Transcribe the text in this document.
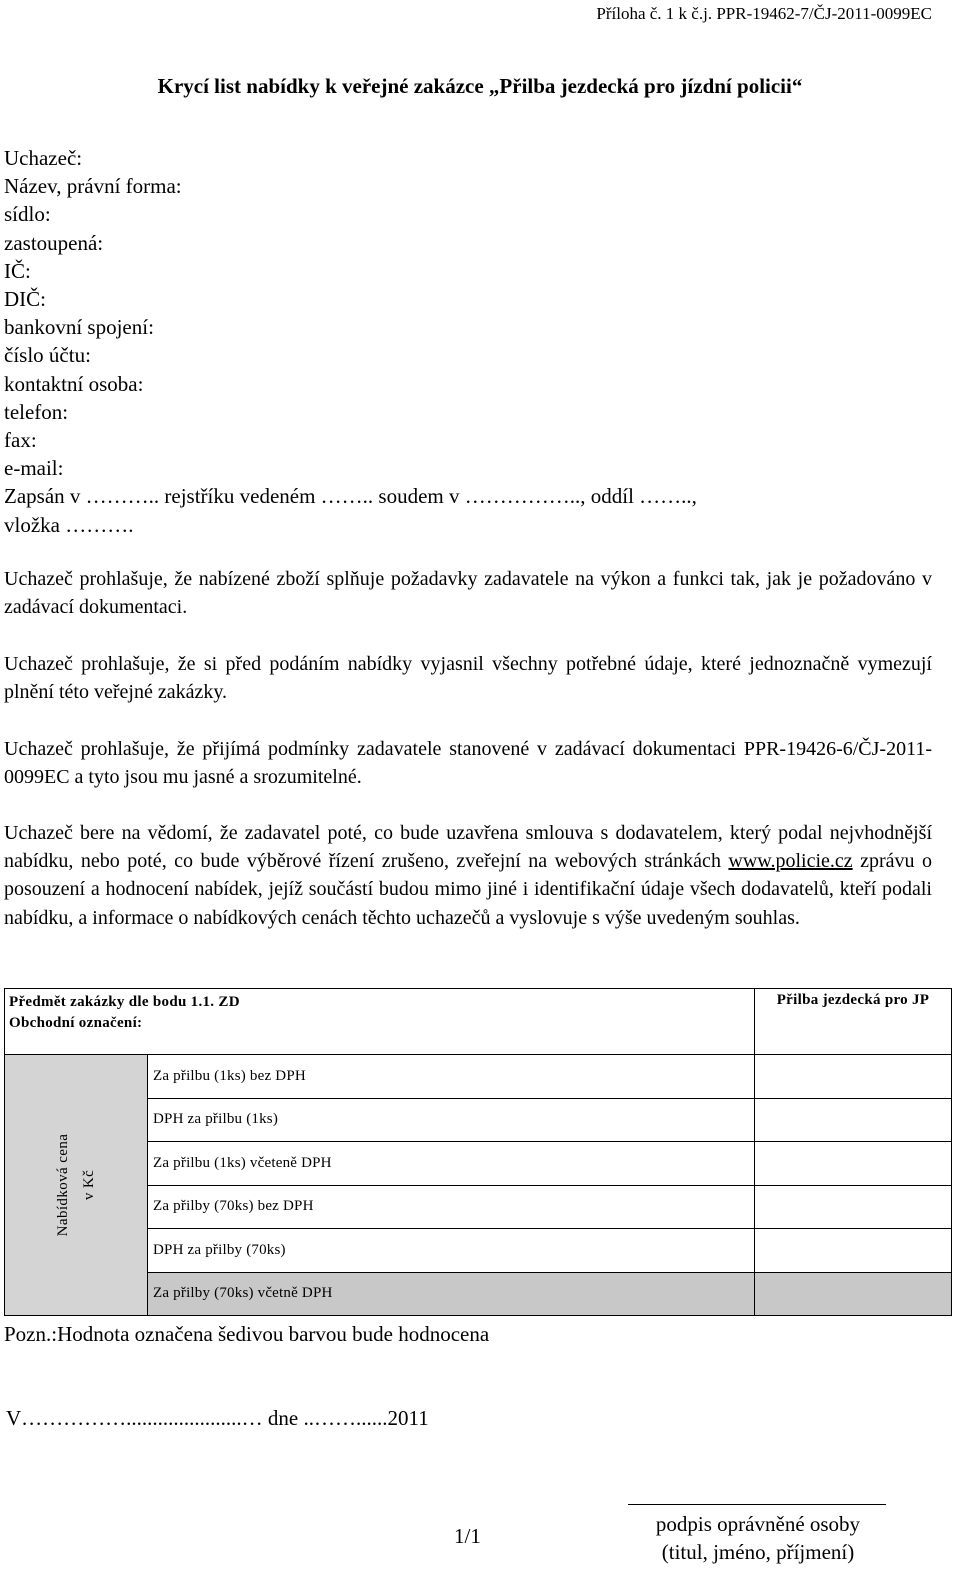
Příloha č. 1 k č.j. PPR-19462-7/ČJ-2011-0099EC
Krycí list nabídky k veřejné zakázce „Přilba jezdecká pro jízdní policii“
Uchazeč:
Název, právní forma:
sídlo:
zastoupená:
IČ:
DIČ:
bankovní spojení:
číslo účtu:
kontaktní osoba:
telefon:
fax:
e-mail:
Zapsán v ……….. rejstříku vedeném …….. soudem v …………….., oddíl ……..,
vložka ……….
Uchazeč prohlašuje, že nabízené zboží splňuje požadavky zadavatele na výkon a funkci tak, jak je požadováno v zadávací dokumentaci.
Uchazeč prohlašuje, že si před podáním nabídky vyjasnil všechny potřebné údaje, které jednoznačně vymezují plnění této veřejné zakázky.
Uchazeč prohlašuje, že přijímá podmínky zadavatele stanovené v zadávací dokumentaci PPR-19426-6/ČJ-2011-0099EC a tyto jsou mu jasné a srozumitelné.
Uchazeč bere na vědomí, že zadavatel poté, co bude uzavřena smlouva s dodavatelem, který podal nejvhodnější nabídku, nebo poté, co bude výběrové řízení zrušeno, zveřejní na webových stránkách www.policie.cz zprávu o posouzení a hodnocení nabídek, jejíž součástí budou mimo jiné i identifikační údaje všech dodavatelů, kteří podali nabídku, a informace o nabídkových cenách těchto uchazečů a vyslovuje s výše uvedeným souhlas.
Předmět zakázky dle bodu 1.1. ZD
Obchodní označení:		Přilba jezdecká pro JP

Nabídková cena v Kč	Za přilbu (1ks) bez DPH	
	DPH za přilbu (1ks)	
	Za přilbu (1ks) včeteně DPH	
	Za přilby (70ks) bez DPH	
	DPH za přilby (70ks)	
	Za přilby (70ks) včetně DPH	
Pozn.:Hodnota označena šedivou barvou bude hodnocena
V……………......................… dne ..……......2011
1/1	podpis oprávněné osoby
(titul, jméno, příjmení)
